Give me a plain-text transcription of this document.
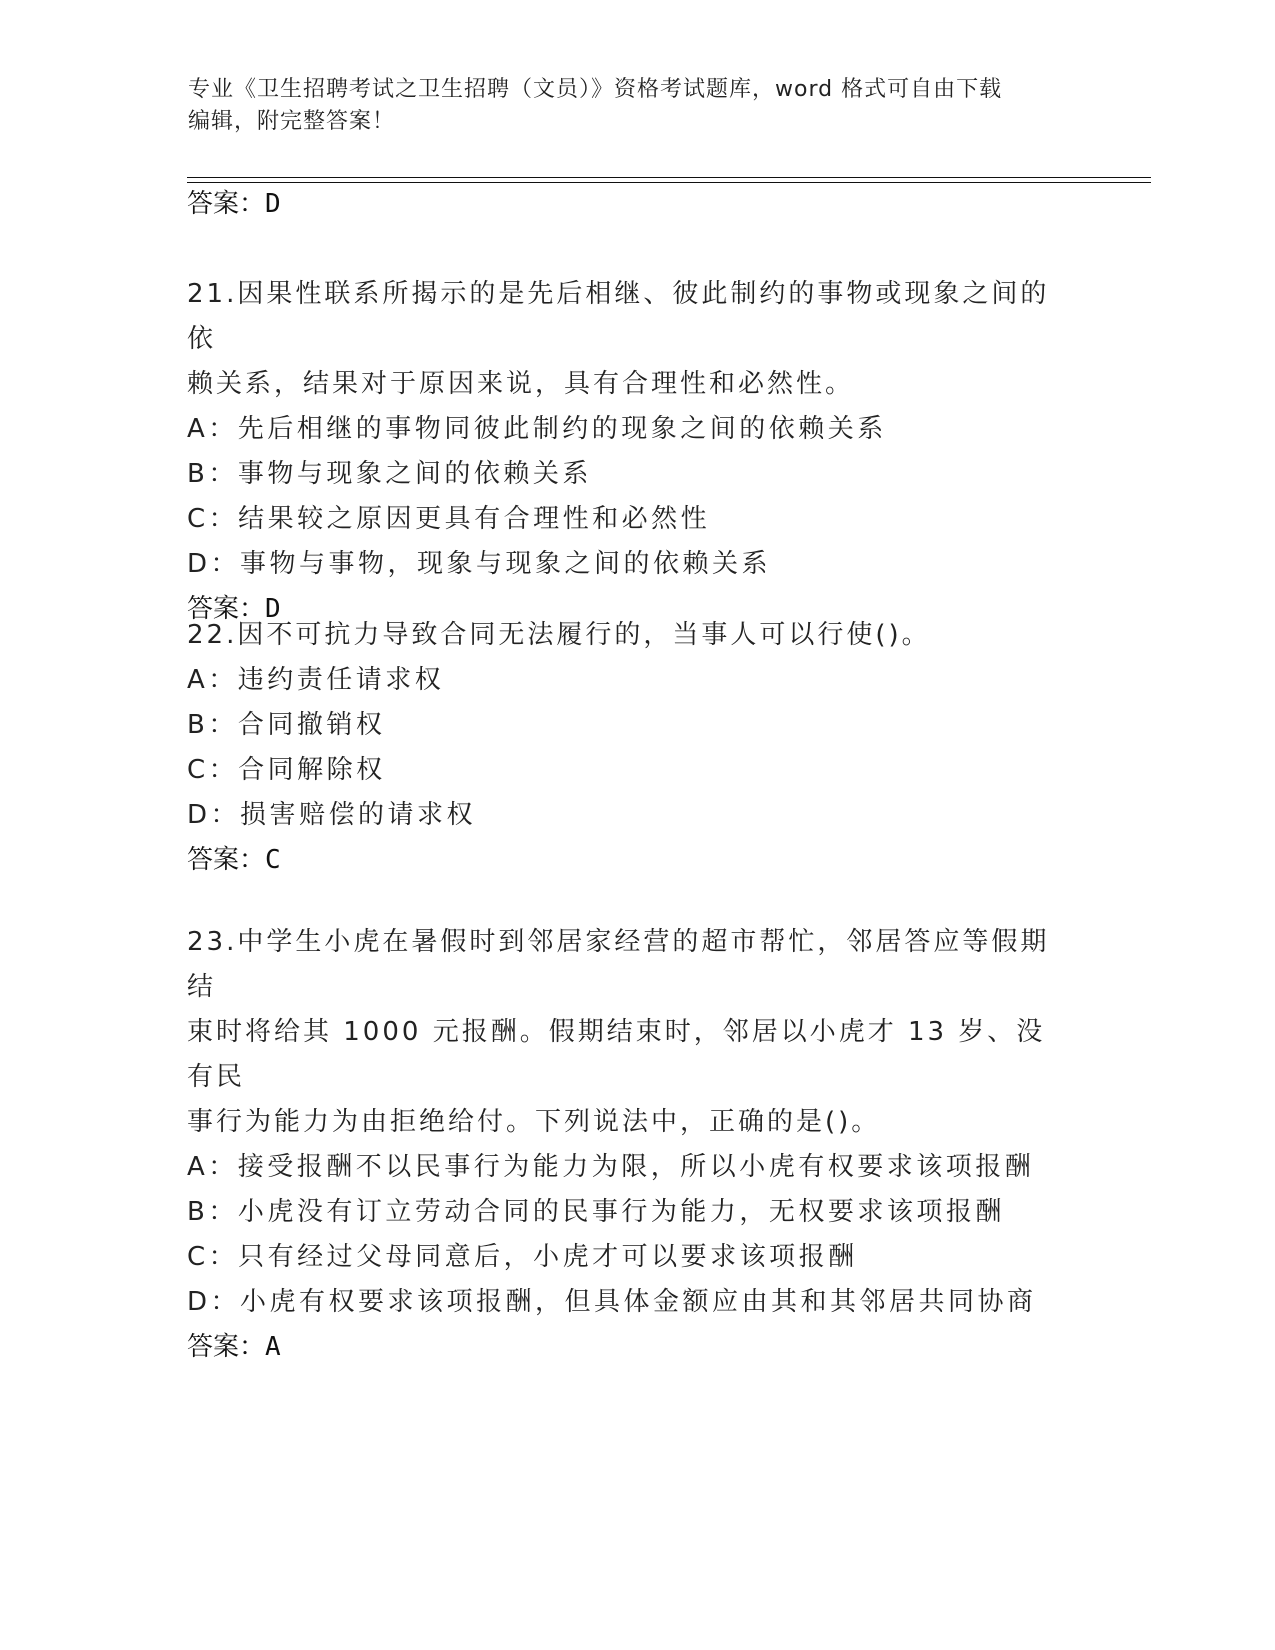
专业《卫生招聘考试之卫生招聘（文员）》资格考试题库，word 格式可自由下载
编辑，附完整答案！
答案：D

21.因果性联系所揭示的是先后相继、彼此制约的事物或现象之间的依

赖关系，结果对于原因来说，具有合理性和必然性。

A：先后相继的事物同彼此制约的现象之间的依赖关系

B：事物与现象之间的依赖关系

C：结果较之原因更具有合理性和必然性

D：事物与事物，现象与现象之间的依赖关系

答案：D

22.因不可抗力导致合同无法履行的，当事人可以行使()。

A：违约责任请求权

B：合同撤销权

C：合同解除权

D：损害赔偿的请求权

答案：C

23.中学生小虎在暑假时到邻居家经营的超市帮忙，邻居答应等假期结

束时将给其 1000 元报酬。假期结束时，邻居以小虎才 13 岁、没有民

事行为能力为由拒绝给付。下列说法中，正确的是()。

A：接受报酬不以民事行为能力为限，所以小虎有权要求该项报酬

B：小虎没有订立劳动合同的民事行为能力，无权要求该项报酬

C：只有经过父母同意后，小虎才可以要求该项报酬

D：小虎有权要求该项报酬，但具体金额应由其和其邻居共同协商

答案：A
